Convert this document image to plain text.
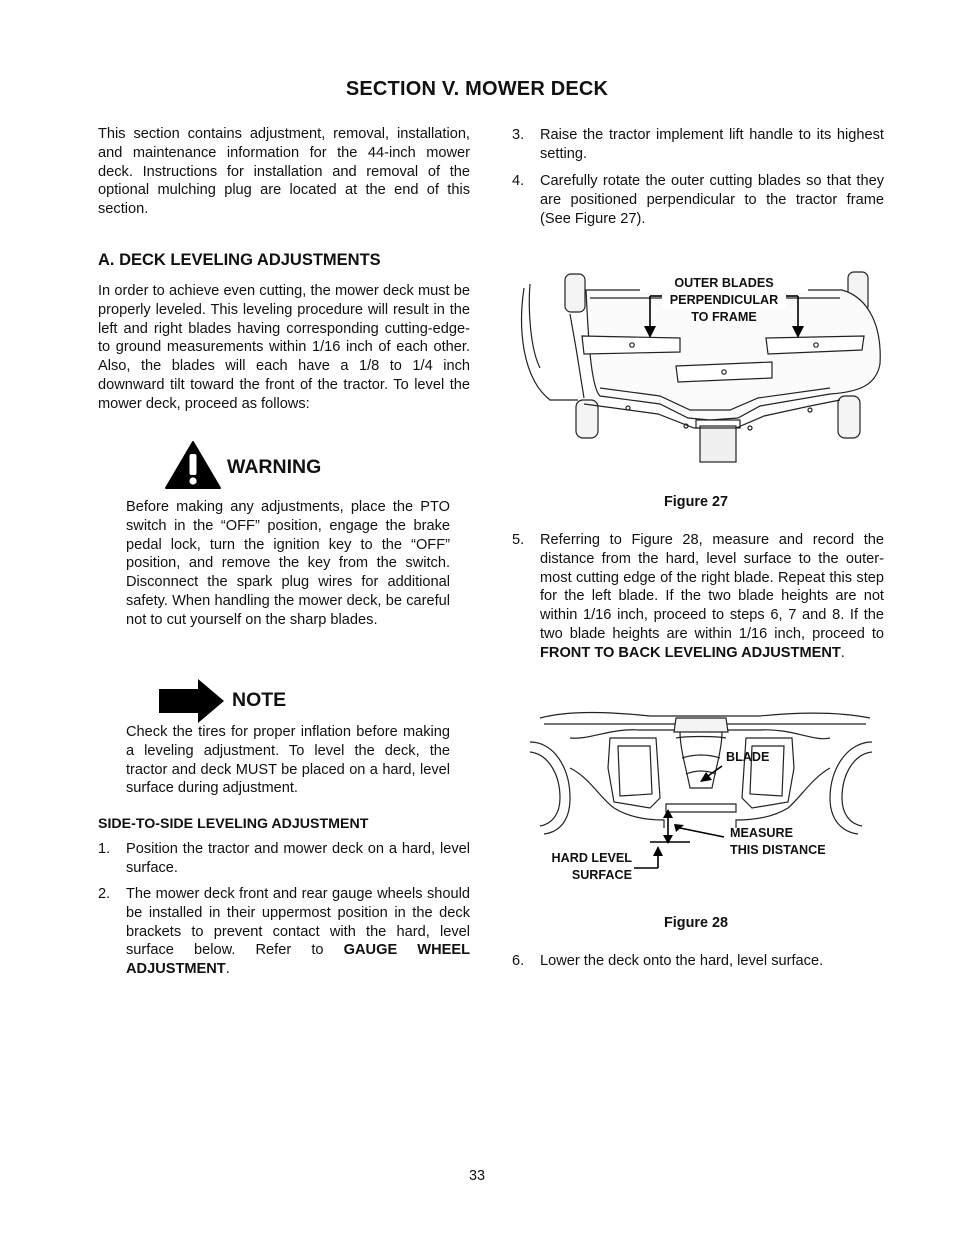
SECTION V. MOWER DECK
This section contains adjustment, removal, installation, and maintenance information for the 44-inch mower deck. Instructions for installation and removal of the optional mulching plug are located at the end of this section.
A. DECK LEVELING ADJUSTMENTS
In order to achieve even cutting, the mower deck must be properly leveled. This leveling procedure will result in the left and right blades having corresponding cutting-edge-to ground measurements within 1/16 inch of each other. Also, the blades will each have a 1/8 to 1/4 inch downward tilt toward the front of the tractor. To level the mower deck, proceed as follows:
WARNING
Before making any adjustments, place the PTO switch in the “OFF” position, engage the brake pedal lock, turn the ignition key to the “OFF” position, and remove the key from the switch. Disconnect the spark plug wires for additional safety. When handling the mower deck, be careful not to cut yourself on the sharp blades.
NOTE
Check the tires for proper inflation before making a leveling adjustment. To level the deck, the tractor and deck MUST be placed on a hard, level surface during adjustment.
SIDE-TO-SIDE LEVELING ADJUSTMENT
1. Position the tractor and mower deck on a hard, level surface.
2. The mower deck front and rear gauge wheels should be installed in their uppermost position in the deck brackets to prevent contact with the hard, level surface below. Refer to GAUGE WHEEL ADJUSTMENT.
3. Raise the tractor implement lift handle to its highest setting.
4. Carefully rotate the outer cutting blades so that they are positioned perpendicular to the tractor frame (See Figure 27).
OUTER BLADES
PERPENDICULAR
TO FRAME
Figure 27
5. Referring to Figure 28, measure and record the distance from the hard, level surface to the outer-most cutting edge of the right blade. Repeat this step for the left blade. If the two blade heights are not within 1/16 inch, proceed to steps 6, 7 and 8. If the two blade heights are within 1/16 inch, proceed to FRONT TO BACK LEVELING ADJUSTMENT.
BLADE
MEASURE
THIS DISTANCE
HARD LEVEL
SURFACE
Figure 28
6. Lower the deck onto the hard, level surface.
33
